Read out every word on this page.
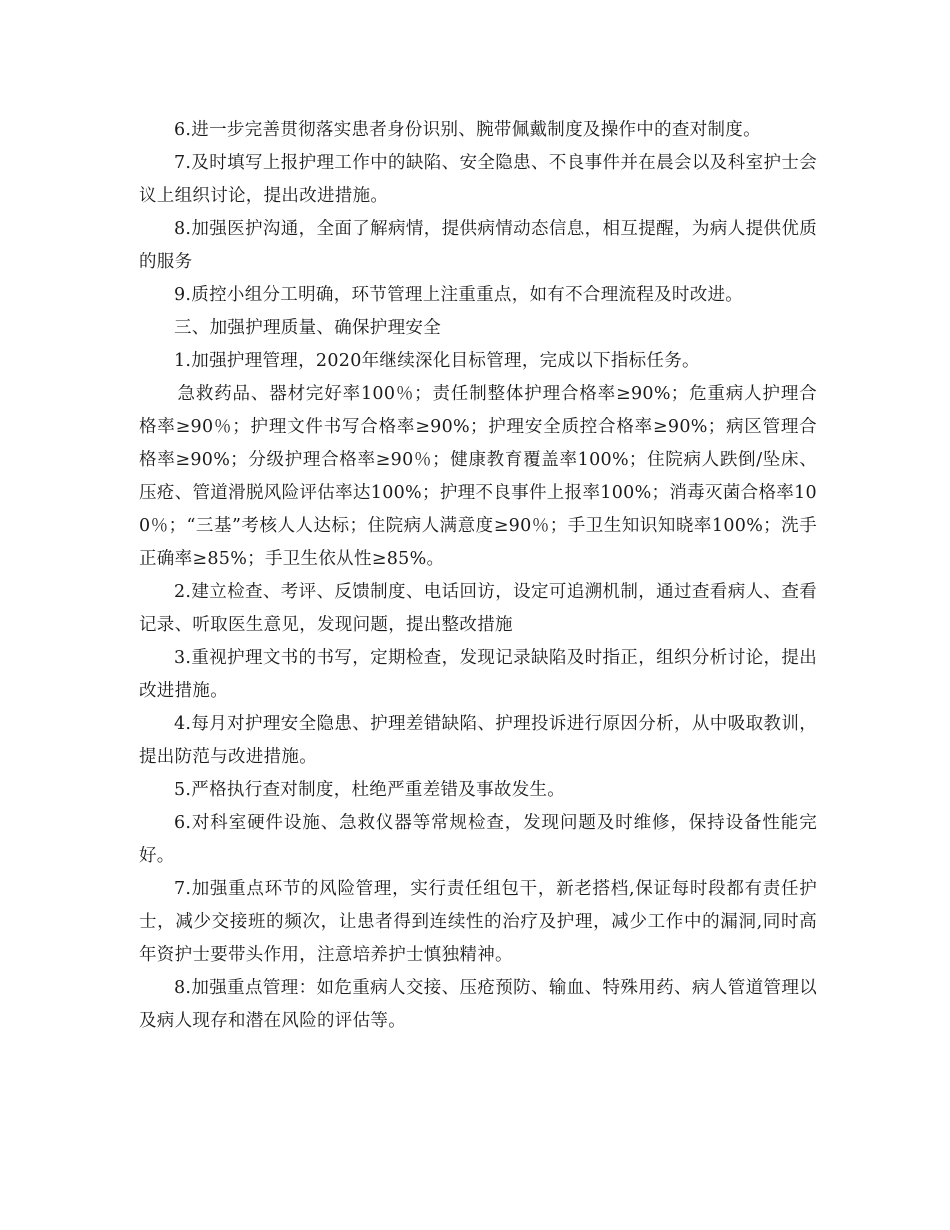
6.进一步完善贯彻落实患者身份识别、腕带佩戴制度及操作中的查对制度。

7.及时填写上报护理工作中的缺陷、安全隐患、不良事件并在晨会以及科室护士会议上组织讨论，提出改进措施。

8.加强医护沟通，全面了解病情，提供病情动态信息，相互提醒，为病人提供优质的服务

9.质控小组分工明确，环节管理上注重重点，如有不合理流程及时改进。

三、加强护理质量、确保护理安全

1.加强护理管理，2020年继续深化目标管理，完成以下指标任务。

急救药品、器材完好率100％；责任制整体护理合格率≥90%；危重病人护理合格率≥90％；护理文件书写合格率≥90%；护理安全质控合格率≥90%；病区管理合格率≥90%；分级护理合格率≥90％；健康教育覆盖率100%；住院病人跌倒/坠床、压疮、管道滑脱风险评估率达100%；护理不良事件上报率100%；消毒灭菌合格率100％；“三基”考核人人达标；住院病人满意度≥90％；手卫生知识知晓率100%；洗手正确率≥85%；手卫生依从性≥85%。

2.建立检查、考评、反馈制度、电话回访，设定可追溯机制，通过查看病人、查看记录、听取医生意见，发现问题，提出整改措施

3.重视护理文书的书写，定期检查，发现记录缺陷及时指正，组织分析讨论，提出改进措施。

4.每月对护理安全隐患、护理差错缺陷、护理投诉进行原因分析，从中吸取教训，提出防范与改进措施。

5.严格执行查对制度，杜绝严重差错及事故发生。

6.对科室硬件设施、急救仪器等常规检查，发现问题及时维修，保持设备性能完好。

7.加强重点环节的风险管理，实行责任组包干，新老搭档,保证每时段都有责任护士，减少交接班的频次，让患者得到连续性的治疗及护理，减少工作中的漏洞,同时高年资护士要带头作用，注意培养护士慎独精神。

8.加强重点管理：如危重病人交接、压疮预防、输血、特殊用药、病人管道管理以及病人现存和潜在风险的评估等。
